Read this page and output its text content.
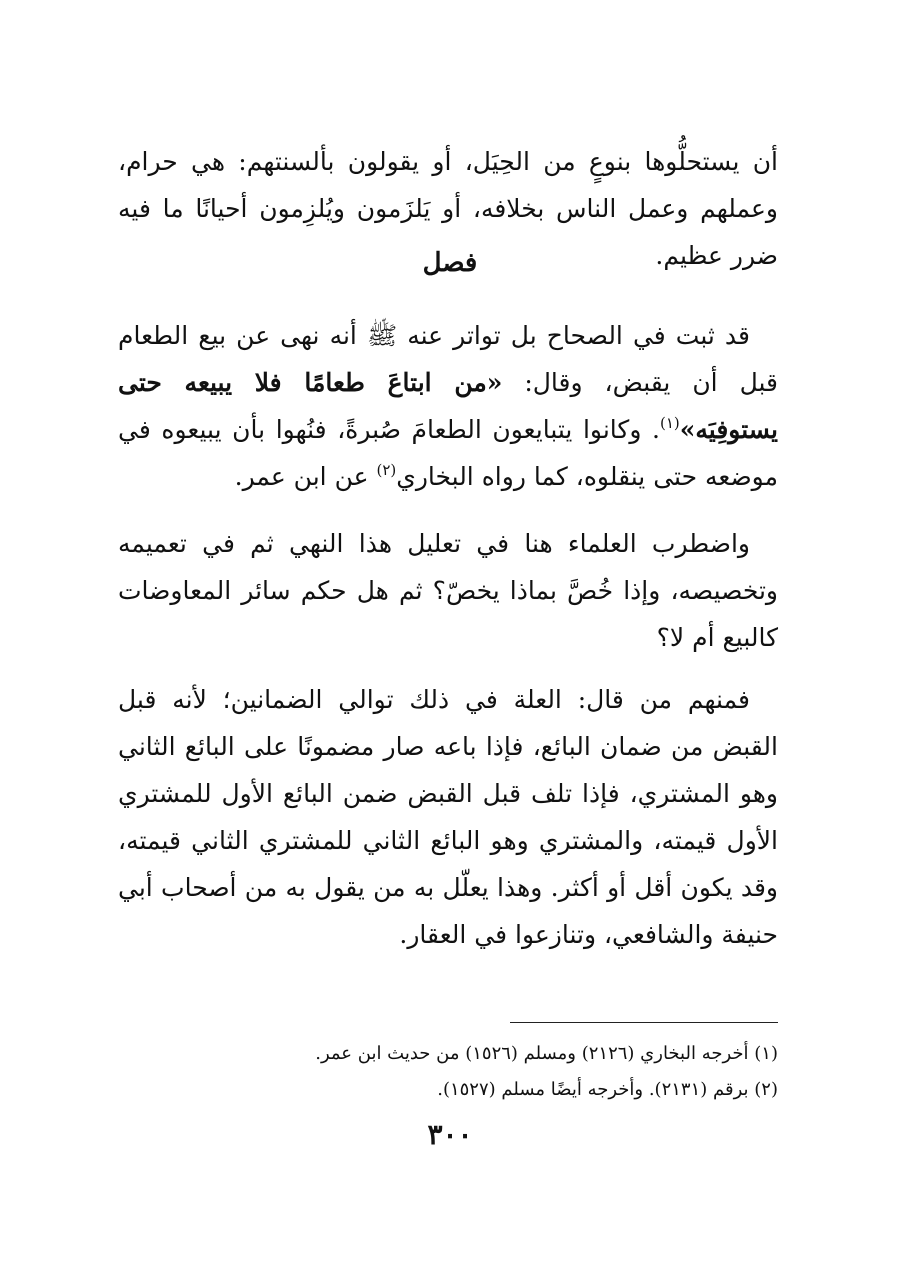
أن يستحلُّوها بنوعٍ من الحِيَل، أو يقولون بألسنتهم: هي حرام، وعملهم وعمل الناس بخلافه، أو يَلزَمون ويُلزِمون أحيانًا ما فيه ضرر عظيم.

فصل

قد ثبت في الصحاح بل تواتر عنه ﷺ أنه نهى عن بيع الطعام قبل أن يقبض، وقال: «من ابتاعَ طعامًا فلا يبيعه حتى يستوفِيَه»$^{(١)}$. وكانوا يتبايعون الطعامَ صُبرةً، فنُهوا بأن يبيعوه في موضعه حتى ينقلوه، كما رواه البخاري$^{(٢)}$ عن ابن عمر.

واضطرب العلماء هنا في تعليل هذا النهي ثم في تعميمه وتخصيصه، وإذا خُصَّ بماذا يخصّ؟ ثم هل حكم سائر المعاوضات كالبيع أم لا؟

فمنهم من قال: العلة في ذلك توالي الضمانين؛ لأنه قبل القبض من ضمان البائع، فإذا باعه صار مضمونًا على البائع الثاني وهو المشتري، فإذا تلف قبل القبض ضمن البائع الأول للمشتري الأول قيمته، والمشتري وهو البائع الثاني للمشتري الثاني قيمته، وقد يكون أقل أو أكثر. وهذا يعلّل به من يقول به من أصحاب أبي حنيفة والشافعي، وتنازعوا في العقار.

(١) أخرجه البخاري (٢١٢٦) ومسلم (١٥٢٦) من حديث ابن عمر.
(٢) برقم (٢١٣١). وأخرجه أيضًا مسلم (١٥٢٧).
٣٠٠
